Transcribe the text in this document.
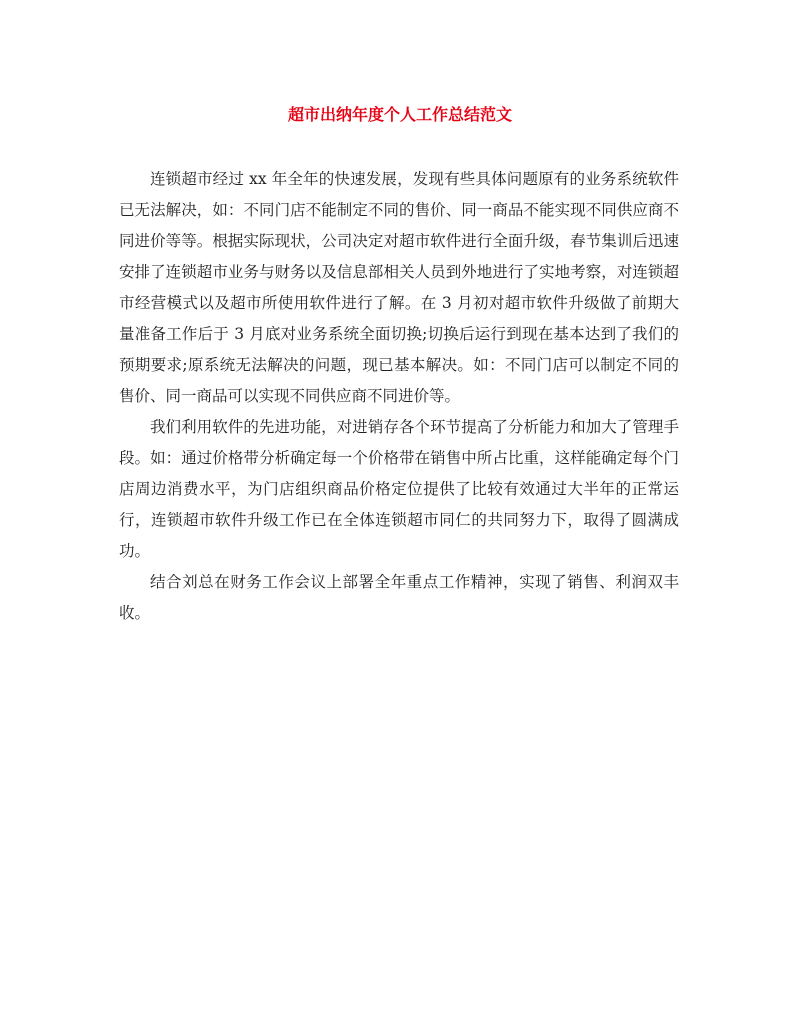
超市出纳年度个人工作总结范文

连锁超市经过 xx 年全年的快速发展，发现有些具体问题原有的业务系统软件已无法解决，如：不同门店不能制定不同的售价、同一商品不能实现不同供应商不同进价等等。根据实际现状，公司决定对超市软件进行全面升级，春节集训后迅速安排了连锁超市业务与财务以及信息部相关人员到外地进行了实地考察，对连锁超市经营模式以及超市所使用软件进行了解。在 3 月初对超市软件升级做了前期大量准备工作后于 3 月底对业务系统全面切换;切换后运行到现在基本达到了我们的预期要求;原系统无法解决的问题，现已基本解决。如：不同门店可以制定不同的售价、同一商品可以实现不同供应商不同进价等。

我们利用软件的先进功能，对进销存各个环节提高了分析能力和加大了管理手段。如：通过价格带分析确定每一个价格带在销售中所占比重，这样能确定每个门店周边消费水平，为门店组织商品价格定位提供了比较有效通过大半年的正常运行，连锁超市软件升级工作已在全体连锁超市同仁的共同努力下，取得了圆满成功。

结合刘总在财务工作会议上部署全年重点工作精神，实现了销售、利润双丰收。
